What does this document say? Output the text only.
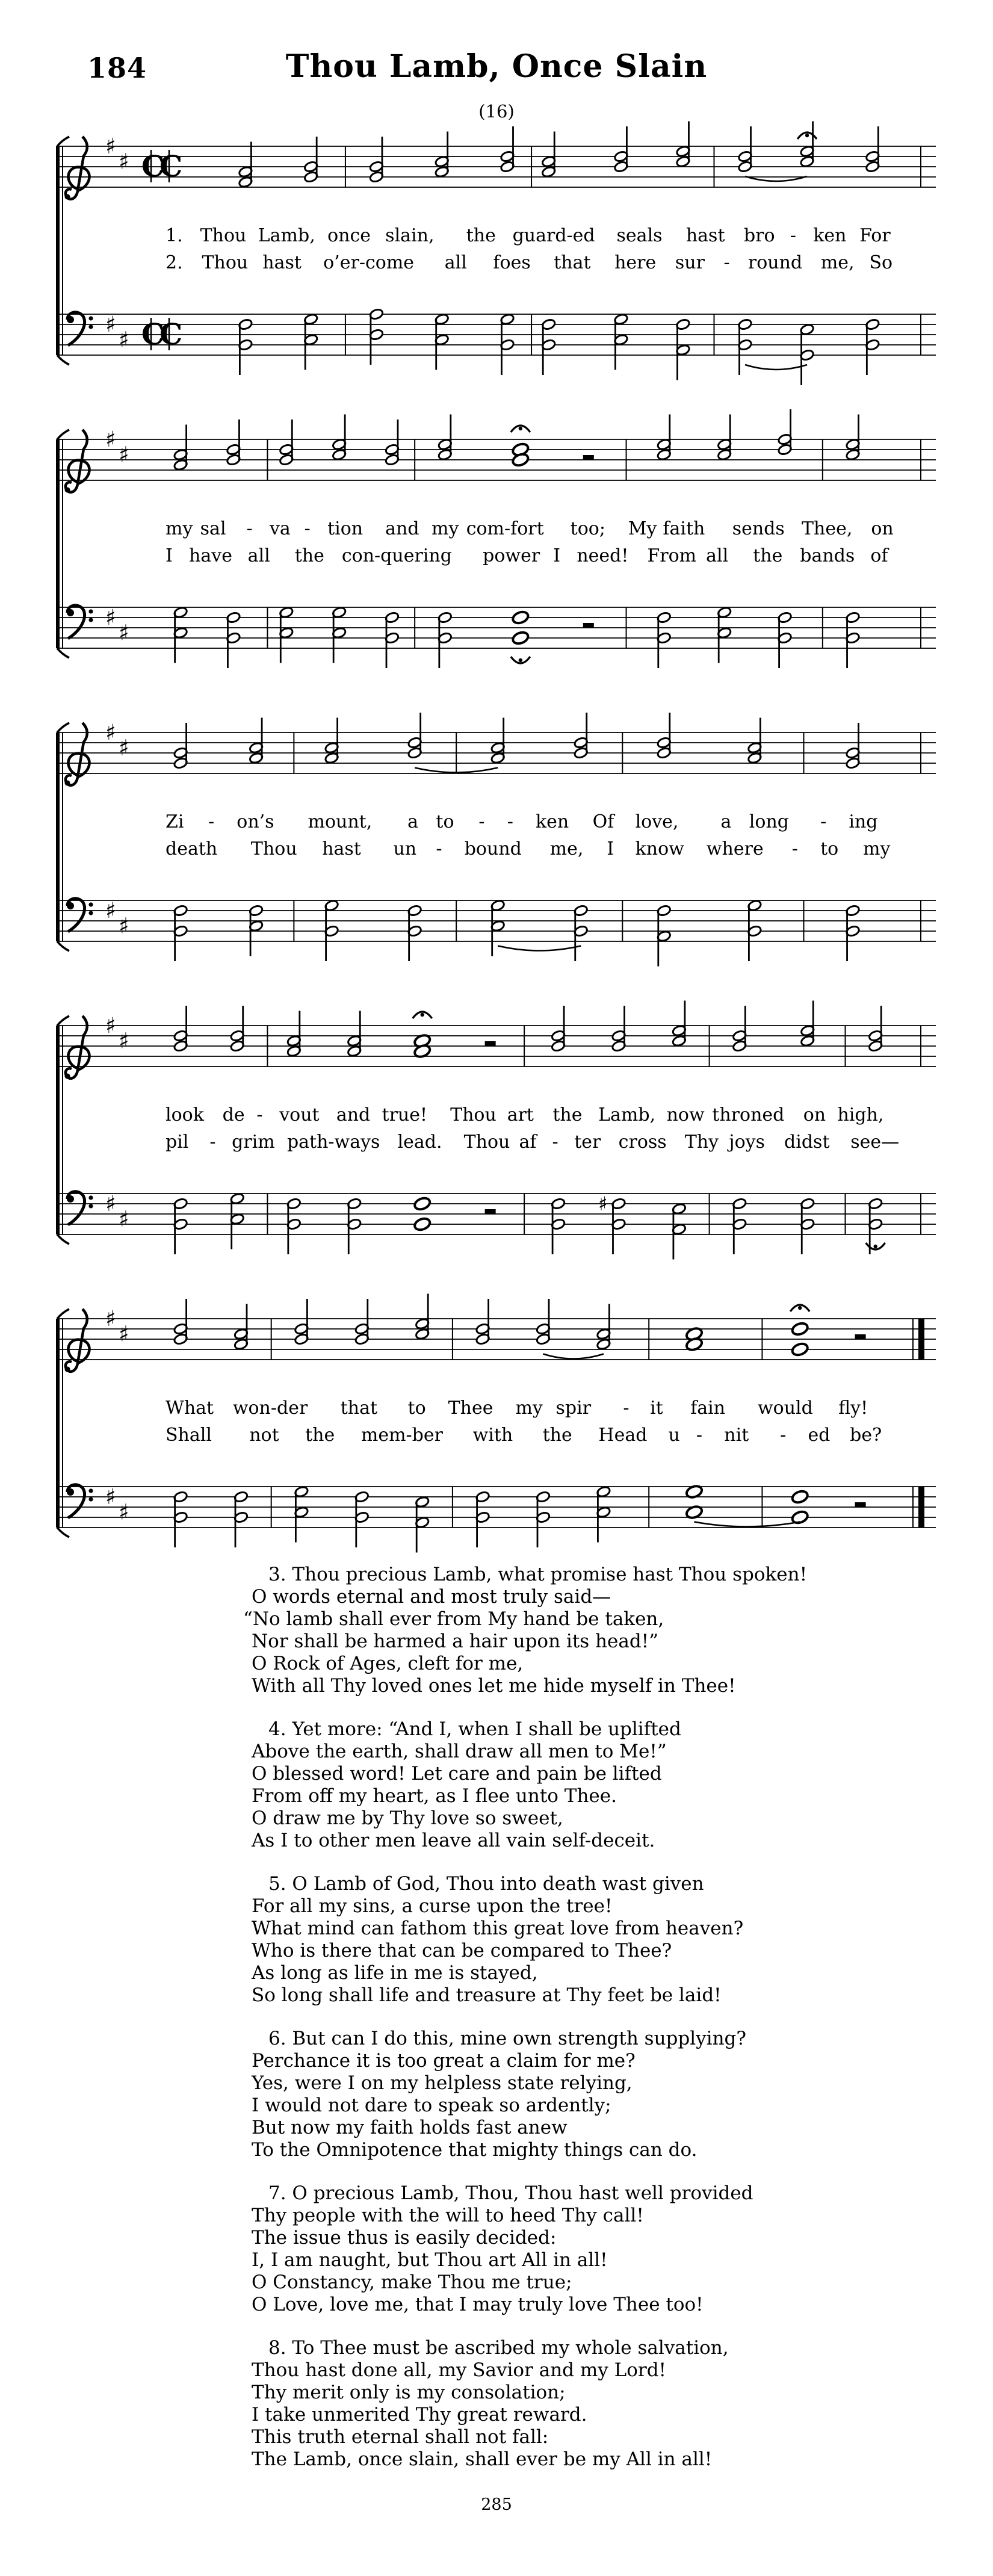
184	Thou Lamb, Once Slain
(16)
♯
♯
♯
♯
C
C
C
C
1. Thou Lamb, once slain, the guard-ed seals hast bro - ken For
2. Thou hast o’er-come all foes that here sur - round me, So
♯
♯
♯
♯
my sal - va - tion and my com-fort too; My faith sends Thee, on
I have all the con-quering power I need! From all the bands of
♯
♯
♯
♯
Zi - on’s mount, a to - - ken Of love, a long - ing
death Thou hast un - bound me, I know where - to my
♯
♯
♯
♯
♯
look de - vout and true! Thou art the Lamb, now throned on high,
pil - grim path-ways lead. Thou af - ter cross Thy joys didst see—
♯
♯
♯
♯
What won-der that to Thee my spir - it fain would fly!
Shall not the mem-ber with the Head u - nit - ed be?
3. Thou precious Lamb, what promise hast Thou spoken!
O words eternal and most truly said—
“No lamb shall ever from My hand be taken,
Nor shall be harmed a hair upon its head!”
O Rock of Ages, cleft for me,
With all Thy loved ones let me hide myself in Thee!
4. Yet more: “And I, when I shall be uplifted
Above the earth, shall draw all men to Me!”
O blessed word! Let care and pain be lifted
From off my heart, as I flee unto Thee.
O draw me by Thy love so sweet,
As I to other men leave all vain self-deceit.
5. O Lamb of God, Thou into death wast given
For all my sins, a curse upon the tree!
What mind can fathom this great love from heaven?
Who is there that can be compared to Thee?
As long as life in me is stayed,
So long shall life and treasure at Thy feet be laid!
6. But can I do this, mine own strength supplying?
Perchance it is too great a claim for me?
Yes, were I on my helpless state relying,
I would not dare to speak so ardently;
But now my faith holds fast anew
To the Omnipotence that mighty things can do.
7. O precious Lamb, Thou, Thou hast well provided
Thy people with the will to heed Thy call!
The issue thus is easily decided:
I, I am naught, but Thou art All in all!
O Constancy, make Thou me true;
O Love, love me, that I may truly love Thee too!
8. To Thee must be ascribed my whole salvation,
Thou hast done all, my Savior and my Lord!
Thy merit only is my consolation;
I take unmerited Thy great reward.
This truth eternal shall not fall:
The Lamb, once slain, shall ever be my All in all!
285
